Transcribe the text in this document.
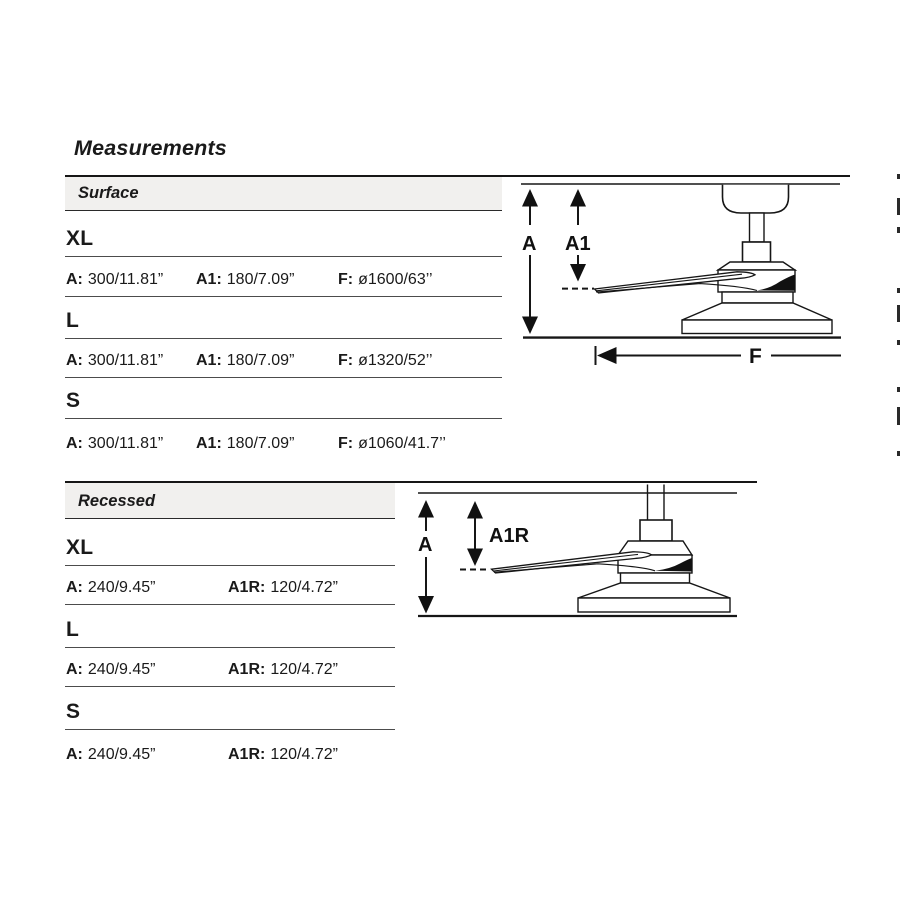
Measurements
Surface
XL
A: 300/11.81”	A1: 180/7.09”	F: ø1600/63’’
L
A: 300/11.81”	A1: 180/7.09”	F: ø1320/52’’
S
A: 300/11.81”	A1: 180/7.09”	F: ø1060/41.7’’
Recessed
XL
A: 240/9.45”	A1R: 120/4.72”
L
A: 240/9.45”	A1R: 120/4.72”
S
A: 240/9.45”	A1R: 120/4.72”
A A1
F
A	A1R
